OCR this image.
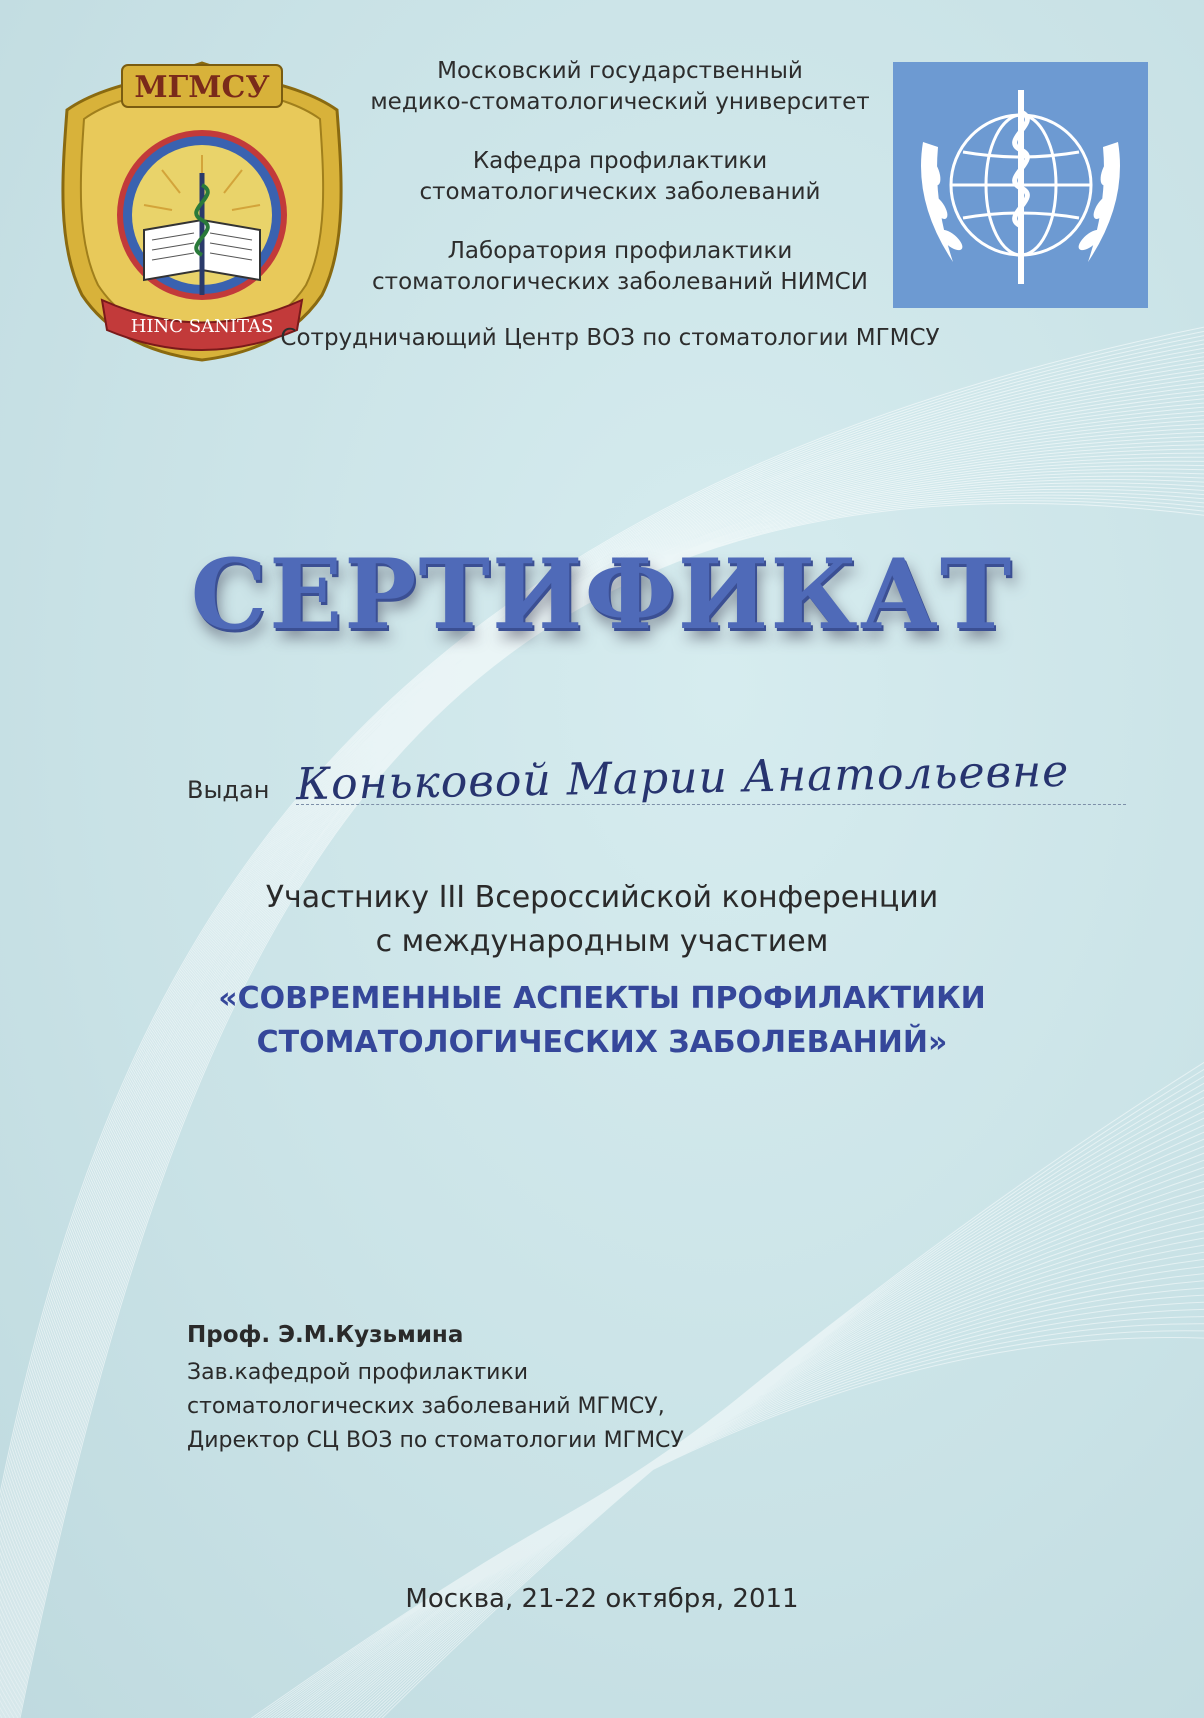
МГМСУ
HINC SANITAS
Московский государственный
медико-стоматологический университет
Кафедра профилактики
стоматологических заболеваний
Лаборатория профилактики
стоматологических заболеваний НИМСИ
Сотрудничающий Центр ВОЗ по стоматологии МГМСУ
СЕРТИФИКАТ
Выдан Коньковой Марии Анатольевне
Участнику III Всероссийской конференции
с международным участием
«СОВРЕМЕННЫЕ АСПЕКТЫ ПРОФИЛАКТИКИ
СТОМАТОЛОГИЧЕСКИХ ЗАБОЛЕВАНИЙ»
Проф. Э.М.Кузьмина
Зав.кафедрой профилактики
стоматологических заболеваний МГМСУ,
Директор СЦ ВОЗ по стоматологии МГМСУ
Москва, 21-22 октября, 2011
